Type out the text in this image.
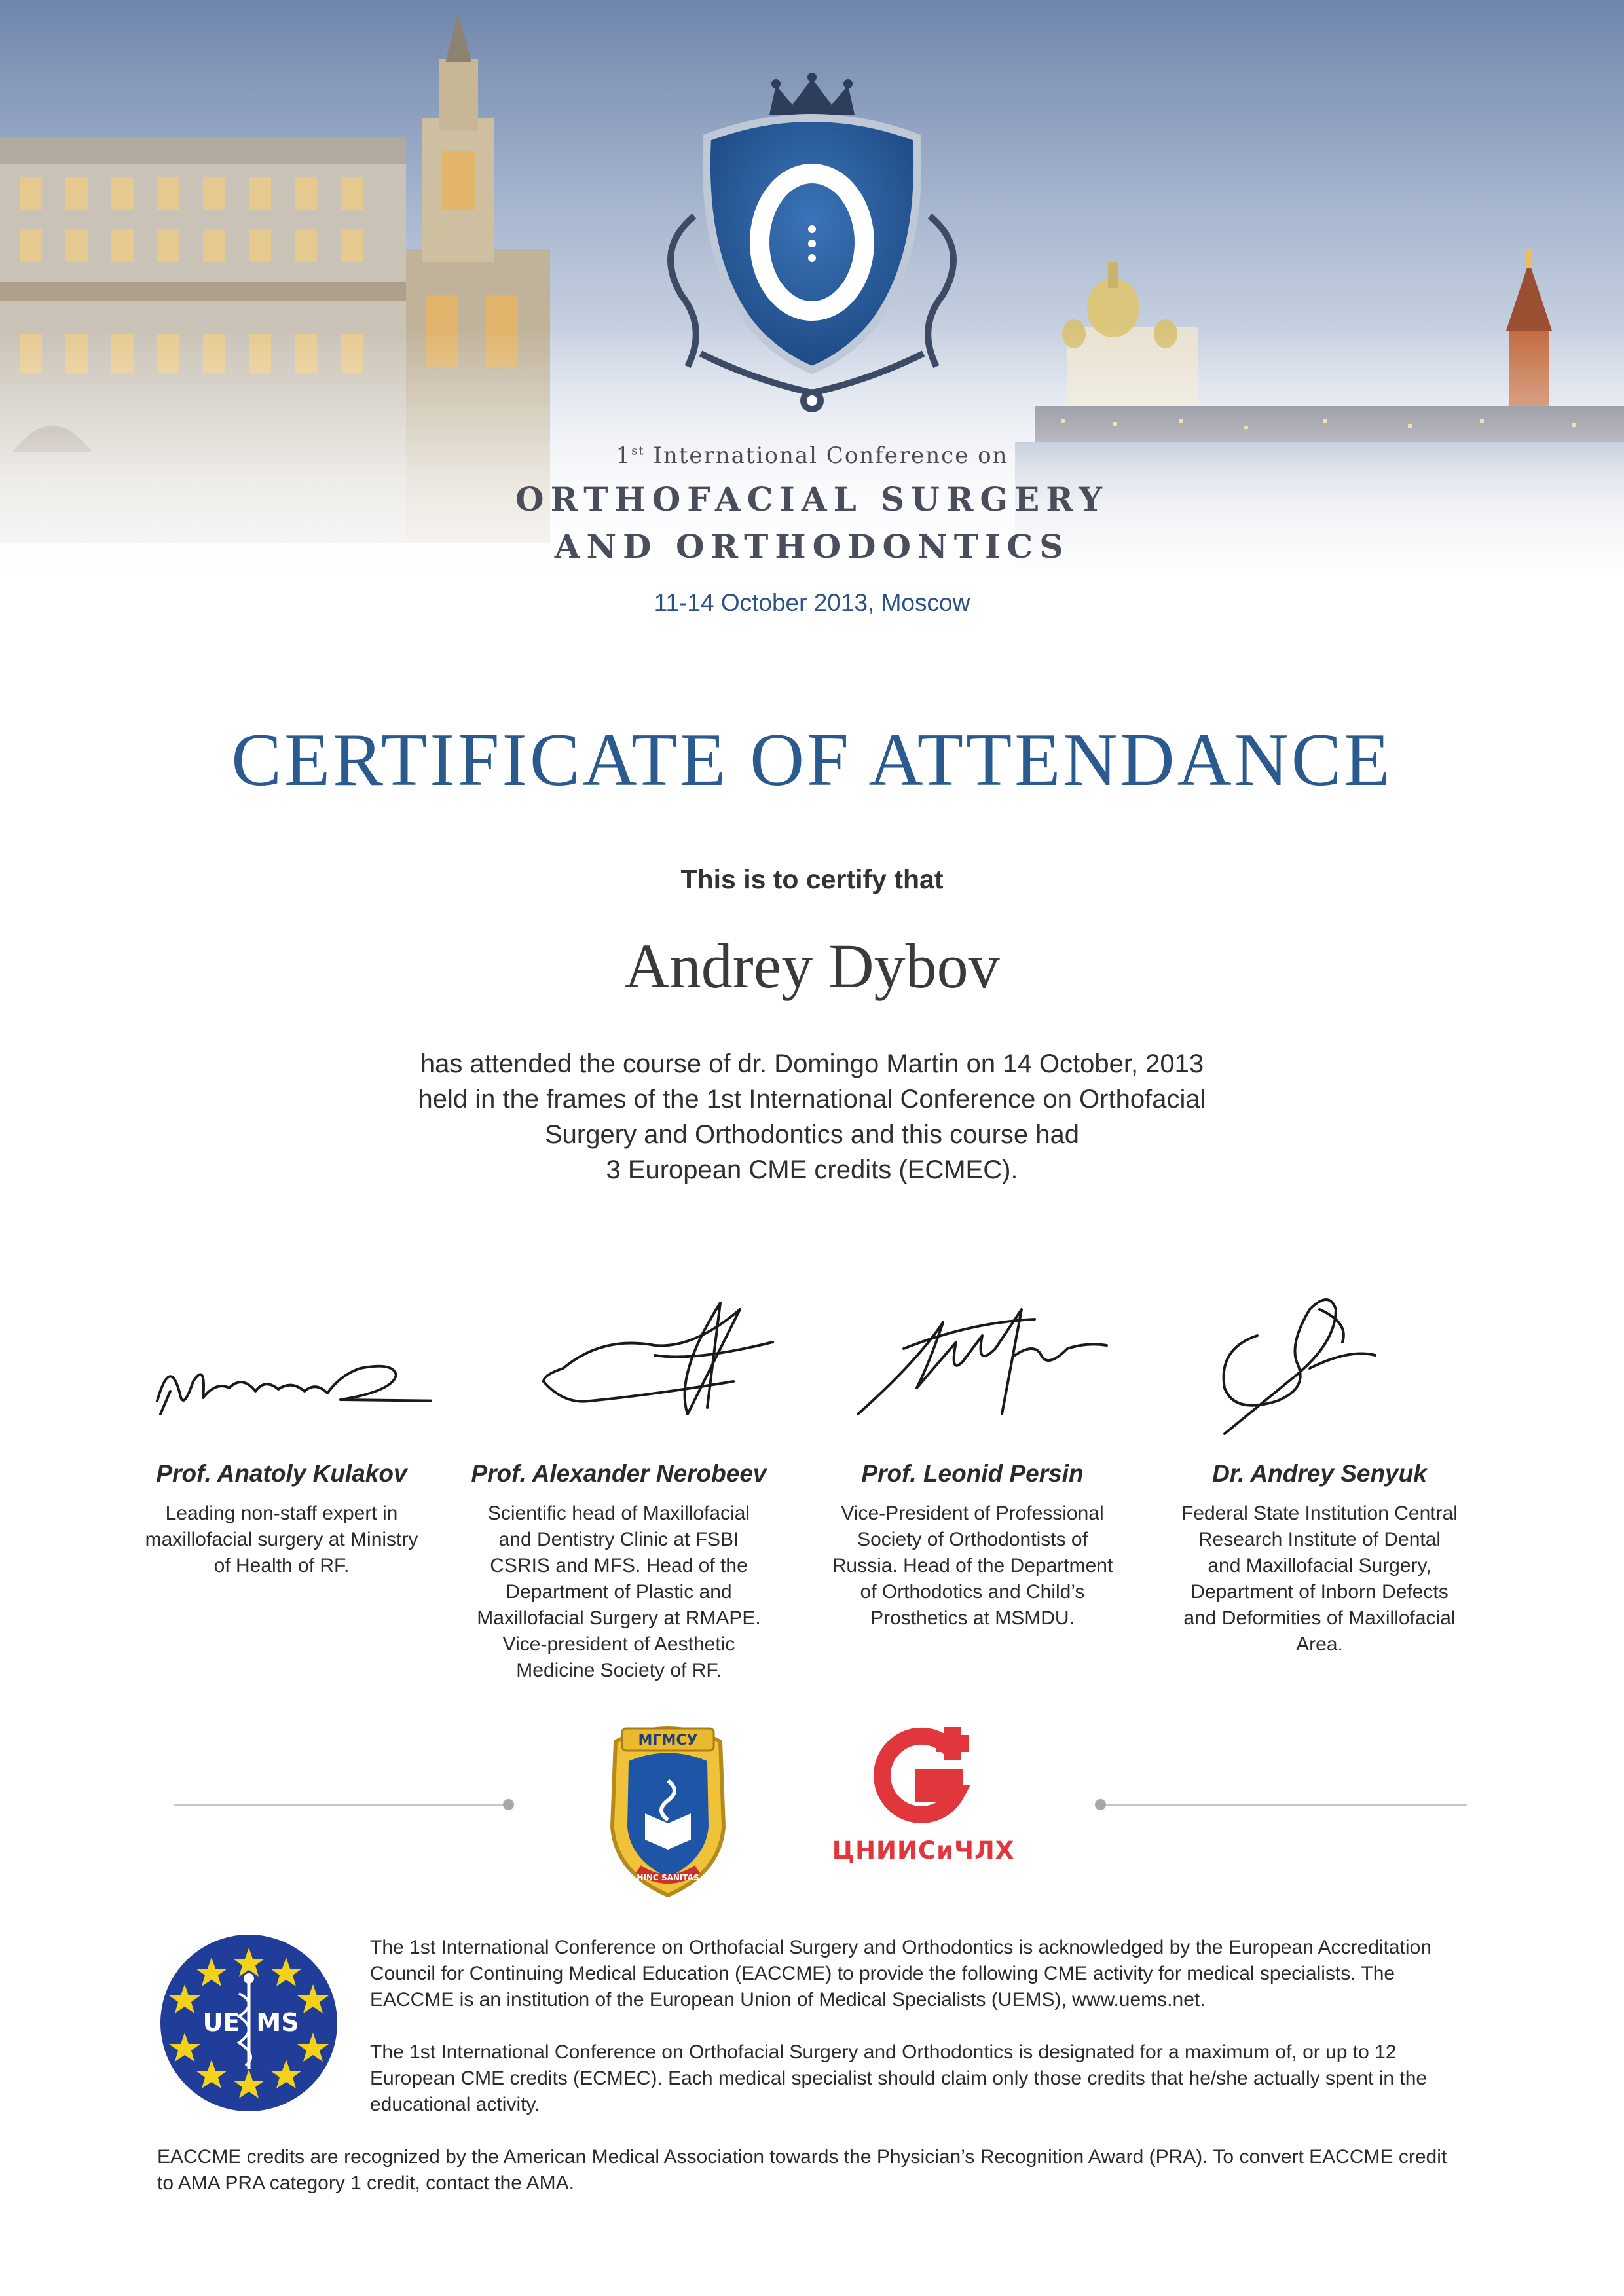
1st International Conference on
ORTHOFACIAL SURGERY
AND ORTHODONTICS
11-14 October 2013, Moscow
CERTIFICATE OF ATTENDANCE
This is to certify that
Andrey Dybov
has attended the course of dr. Domingo Martin on 14 October, 2013
held in the frames of the 1st International Conference on Orthofacial
Surgery and Orthodontics and this course had
3 European CME credits (ECMEC).
Prof. Anatoly Kulakov
Leading non-staff expert in
maxillofacial surgery at Ministry
of Health of RF.
Prof. Alexander Nerobeev
Scientific head of Maxillofacial
and Dentistry Clinic at FSBI
CSRIS and MFS. Head of the
Department of Plastic and
Maxillofacial Surgery at RMAPE.
Vice-president of Aesthetic
Medicine Society of RF.
Prof. Leonid Persin
Vice-President of Professional
Society of Orthodontists of
Russia. Head of the Department
of Orthodotics and Child’s
Prosthetics at MSMDU.
Dr. Andrey Senyuk
Federal State Institution Central
Research Institute of Dental
and Maxillofacial Surgery,
Department of Inborn Defects
and Deformities of Maxillofacial
Area.
МГМСУ
HINC SANITAS
ЦНИИСиЧЛХ
UE MS
The 1st International Conference on Orthofacial Surgery and Orthodontics is acknowledged by the European Accreditation
Council for Continuing Medical Education (EACCME) to provide the following CME activity for medical specialists. The
EACCME is an institution of the European Union of Medical Specialists (UEMS), www.uems.net.
The 1st International Conference on Orthofacial Surgery and Orthodontics is designated for a maximum of, or up to 12
European CME credits (ECMEC). Each medical specialist should claim only those credits that he/she actually spent in the
educational activity.
EACCME credits are recognized by the American Medical Association towards the Physician’s Recognition Award (PRA). To convert EACCME credit
to AMA PRA category 1 credit, contact the AMA.
